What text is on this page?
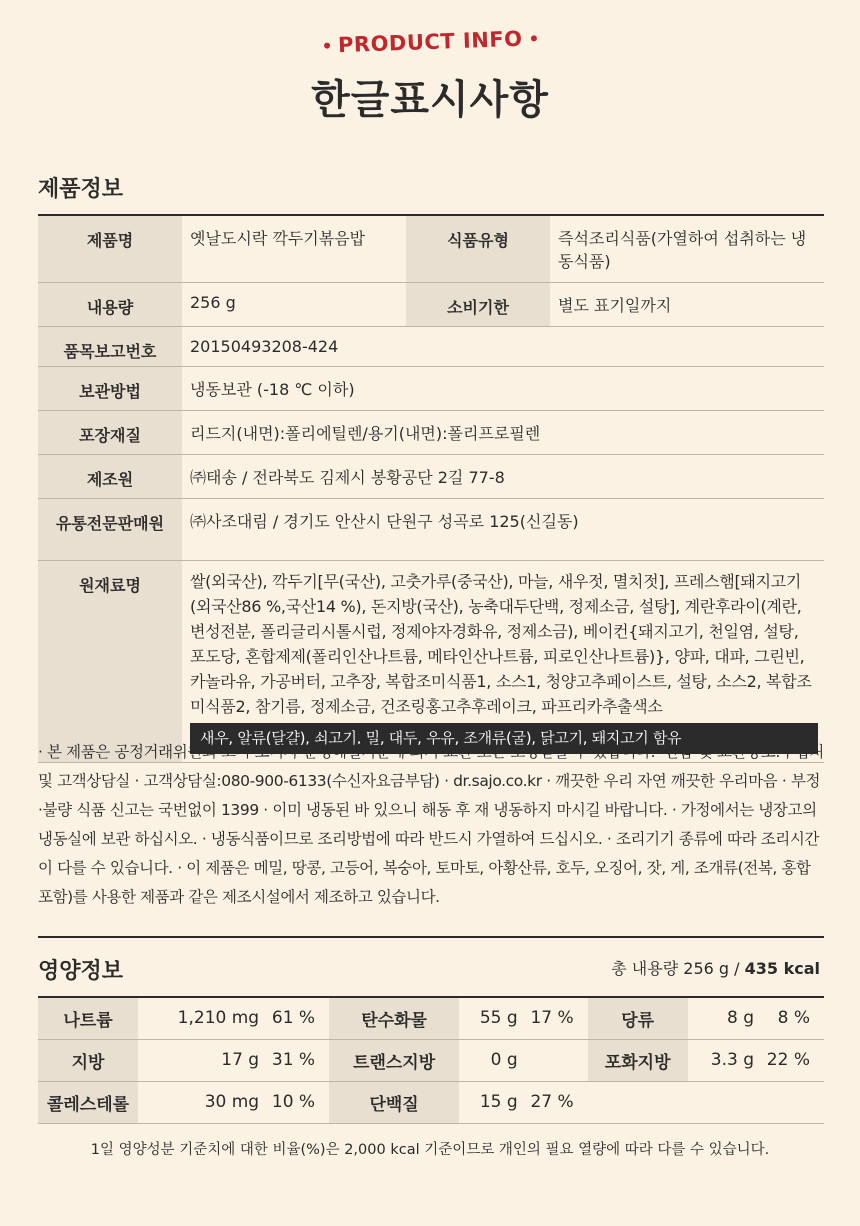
PRODUCT INFO
한글표시사항
제품정보
제품명	옛날도시락 깍두기볶음밥	식품유형	즉석조리식품(가열하여 섭취하는 냉동식품)
내용량	256 g	소비기한	별도 표기일까지
품목보고번호	20150493208-424		
보관방법	냉동보관 (-18 ℃ 이하)		
포장재질	리드지(내면):폴리에틸렌/용기(내면):폴리프로필렌		
제조원	㈜태송 / 전라북도 김제시 봉황공단 2길 77-8		
유통전문판매원	㈜사조대림 / 경기도 안산시 단원구 성곡로 125(신길동)		
원재료명	쌀(외국산), 깍두기[무(국산), 고춧가루(중국산), 마늘, 새우젓, 멸치젓], 프레스햄[돼지고기(외국산86 %,국산14 %), 돈지방(국산), 농축대두단백, 정제소금, 설탕], 계란후라이(계란, 변성전분, 폴리글리시톨시럽, 정제야자경화유, 정제소금), 베이컨{돼지고기, 천일염, 설탕, 포도당, 혼합제제(폴리인산나트륨, 메타인산나트륨, 피로인산나트륨)}, 양파, 대파, 그린빈, 카놀라유, 가공버터, 고추장, 복합조미식품1, 소스1, 청양고추페이스트, 설탕, 소스2, 복합조미식품2, 참기름, 정제소금, 건조링홍고추후레이크, 파프리카추출색소
새우, 알류(달걀), 쇠고기, 밀, 대두, 우유, 조개류(굴), 닭고기, 돼지고기 함유		
· 본 제품은 공정거래위원회 고시 소비자 분쟁해결기준에 의거 교환 또는 보상받을 수 있습니다. ·반품 및 교환장소:구입처 및 고객상담실 · 고객상담실:080-900-6133(수신자요금부담) · dr.sajo.co.kr · 깨끗한 우리 자연 깨끗한 우리마음 · 부정·불량 식품 신고는 국번없이 1399 · 이미 냉동된 바 있으니 해동 후 재 냉동하지 마시길 바랍니다. · 가정에서는 냉장고의 냉동실에 보관 하십시오. · 냉동식품이므로 조리방법에 따라 반드시 가열하여 드십시오. · 조리기기 종류에 따라 조리시간이 다를 수 있습니다. · 이 제품은 메밀, 땅콩, 고등어, 복숭아, 토마토, 아황산류, 호두, 오징어, 잣, 게, 조개류(전복, 홍합 포함)를 사용한 제품과 같은 제조시설에서 제조하고 있습니다.
영양정보	총 내용량 256 g / 435 kcal
나트륨	1,210 mg	61 %	탄수화물	55 g	17 %	당류	8 g	8 %
지방	17 g	31 %	트랜스지방	0 g		포화지방	3.3 g	22 %
콜레스테롤	30 mg	10 %	단백질	15 g	27 %			
1일 영양성분 기준치에 대한 비율(%)은 2,000 kcal 기준이므로 개인의 필요 열량에 따라 다를 수 있습니다.
